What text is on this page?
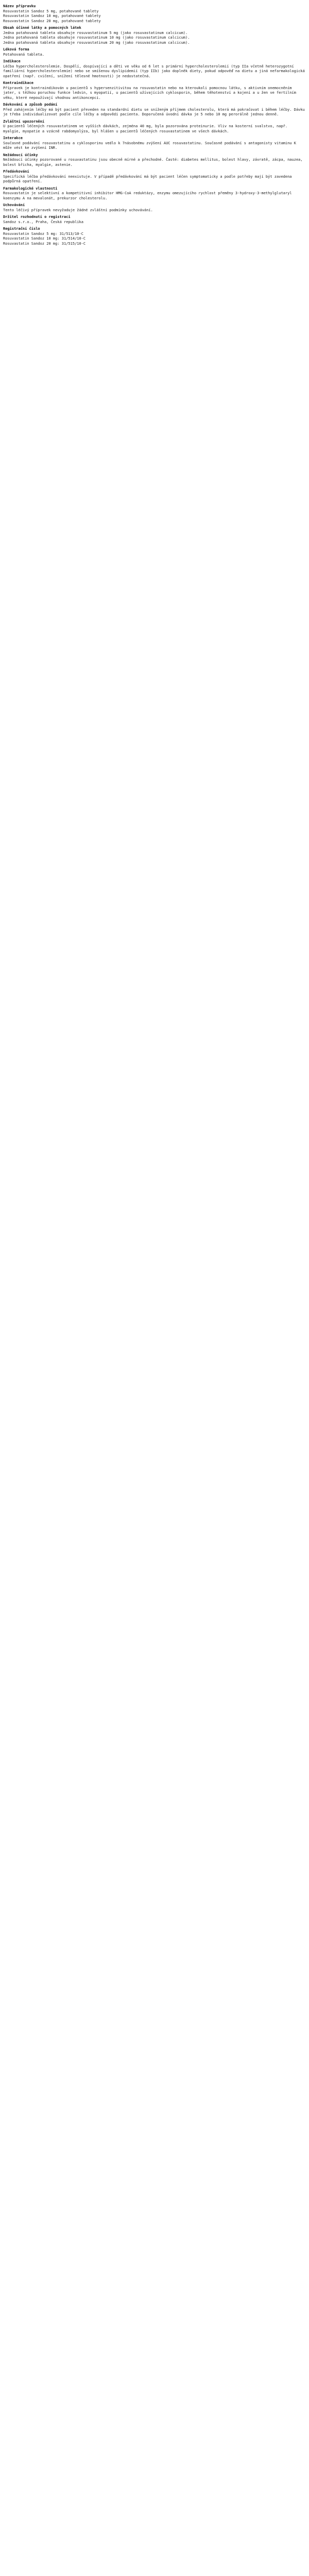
Název přípravku
Rosuvastatin Sandoz 5 mg, potahované tablety
Rosuvastatin Sandoz 10 mg, potahované tablety
Rosuvastatin Sandoz 20 mg, potahované tablety
Obsah účinné látky a pomocných látek
Jedna potahovaná tableta obsahuje rosuvastatinum 5 mg (jako rosuvastatinum calcicum).
Jedna potahovaná tableta obsahuje rosuvastatinum 10 mg (jako rosuvastatinum calcicum).
Jedna potahovaná tableta obsahuje rosuvastatinum 20 mg (jako rosuvastatinum calcicum).
Léková forma
Potahovaná tableta.
Indikace
Léčba hypercholesterolemie. Dospělí, dospívající a děti ve věku od 6 let s primární hypercholesterolemií (typ IIa včetně heterozygotní familiární hypercholesterolemie) nebo se smíšenou dyslipidemií (typ IIb) jako doplněk diety, pokud odpověď na dietu a jiná nefarmakologická opatření (např. cvičení, snížení tělesné hmotnosti) je nedostatečná.
Kontraindikace
Přípravek je kontraindikován u pacientů s hypersenzitivitou na rosuvastatin nebo na kteroukoli pomocnou látku, s aktivním onemocněním jater, s těžkou poruchou funkce ledvin, s myopatií, u pacientů užívajících cyklosporin, během těhotenství a kojení a u žen ve fertilním věku, které nepoužívají vhodnou antikoncepci.
Dávkování a způsob podání
Před zahájením léčby má být pacient převeden na standardní dietu se sníženým příjmem cholesterolu, která má pokračovat i během léčby. Dávku je třeba individualizovat podle cíle léčby a odpovědi pacienta. Doporučená úvodní dávka je 5 nebo 10 mg perorálně jednou denně.
Zvláštní upozornění
U pacientů léčených rosuvastatinem ve vyšších dávkách, zejména 40 mg, byla pozorována proteinurie. Vliv na kosterní svalstvo, např. myalgie, myopatie a vzácně rabdomyolýza, byl hlášen u pacientů léčených rosuvastatinem ve všech dávkách.
Interakce
Současné podávání rosuvastatinu a cyklosporinu vedlo k 7násobnému zvýšení AUC rosuvastatinu. Současné podávání s antagonisty vitaminu K může vést ke zvýšení INR.
Nežádoucí účinky
Nežádoucí účinky pozorované u rosuvastatinu jsou obecně mírné a přechodné. Časté: diabetes mellitus, bolest hlavy, závratě, zácpa, nauzea, bolest břicha, myalgie, astenie.
Předávkování
Specifická léčba předávkování neexistuje. V případě předávkování má být pacient léčen symptomaticky a podle potřeby mají být zavedena podpůrná opatření.
Farmakologické vlastnosti
Rosuvastatin je selektivní a kompetitivní inhibitor HMG-CoA reduktázy, enzymu omezujícího rychlost přeměny 3-hydroxy-3-methylglutaryl koenzymu A na mevalonát, prekurzor cholesterolu.
Uchovávání
Tento léčivý přípravek nevyžaduje žádné zvláštní podmínky uchovávání.
Držitel rozhodnutí o registraci
Sandoz s.r.o., Praha, Česká republika
Registrační číslo
Rosuvastatin Sandoz 5 mg: 31/513/10-C
Rosuvastatin Sandoz 10 mg: 31/514/10-C
Rosuvastatin Sandoz 20 mg: 31/515/10-C
